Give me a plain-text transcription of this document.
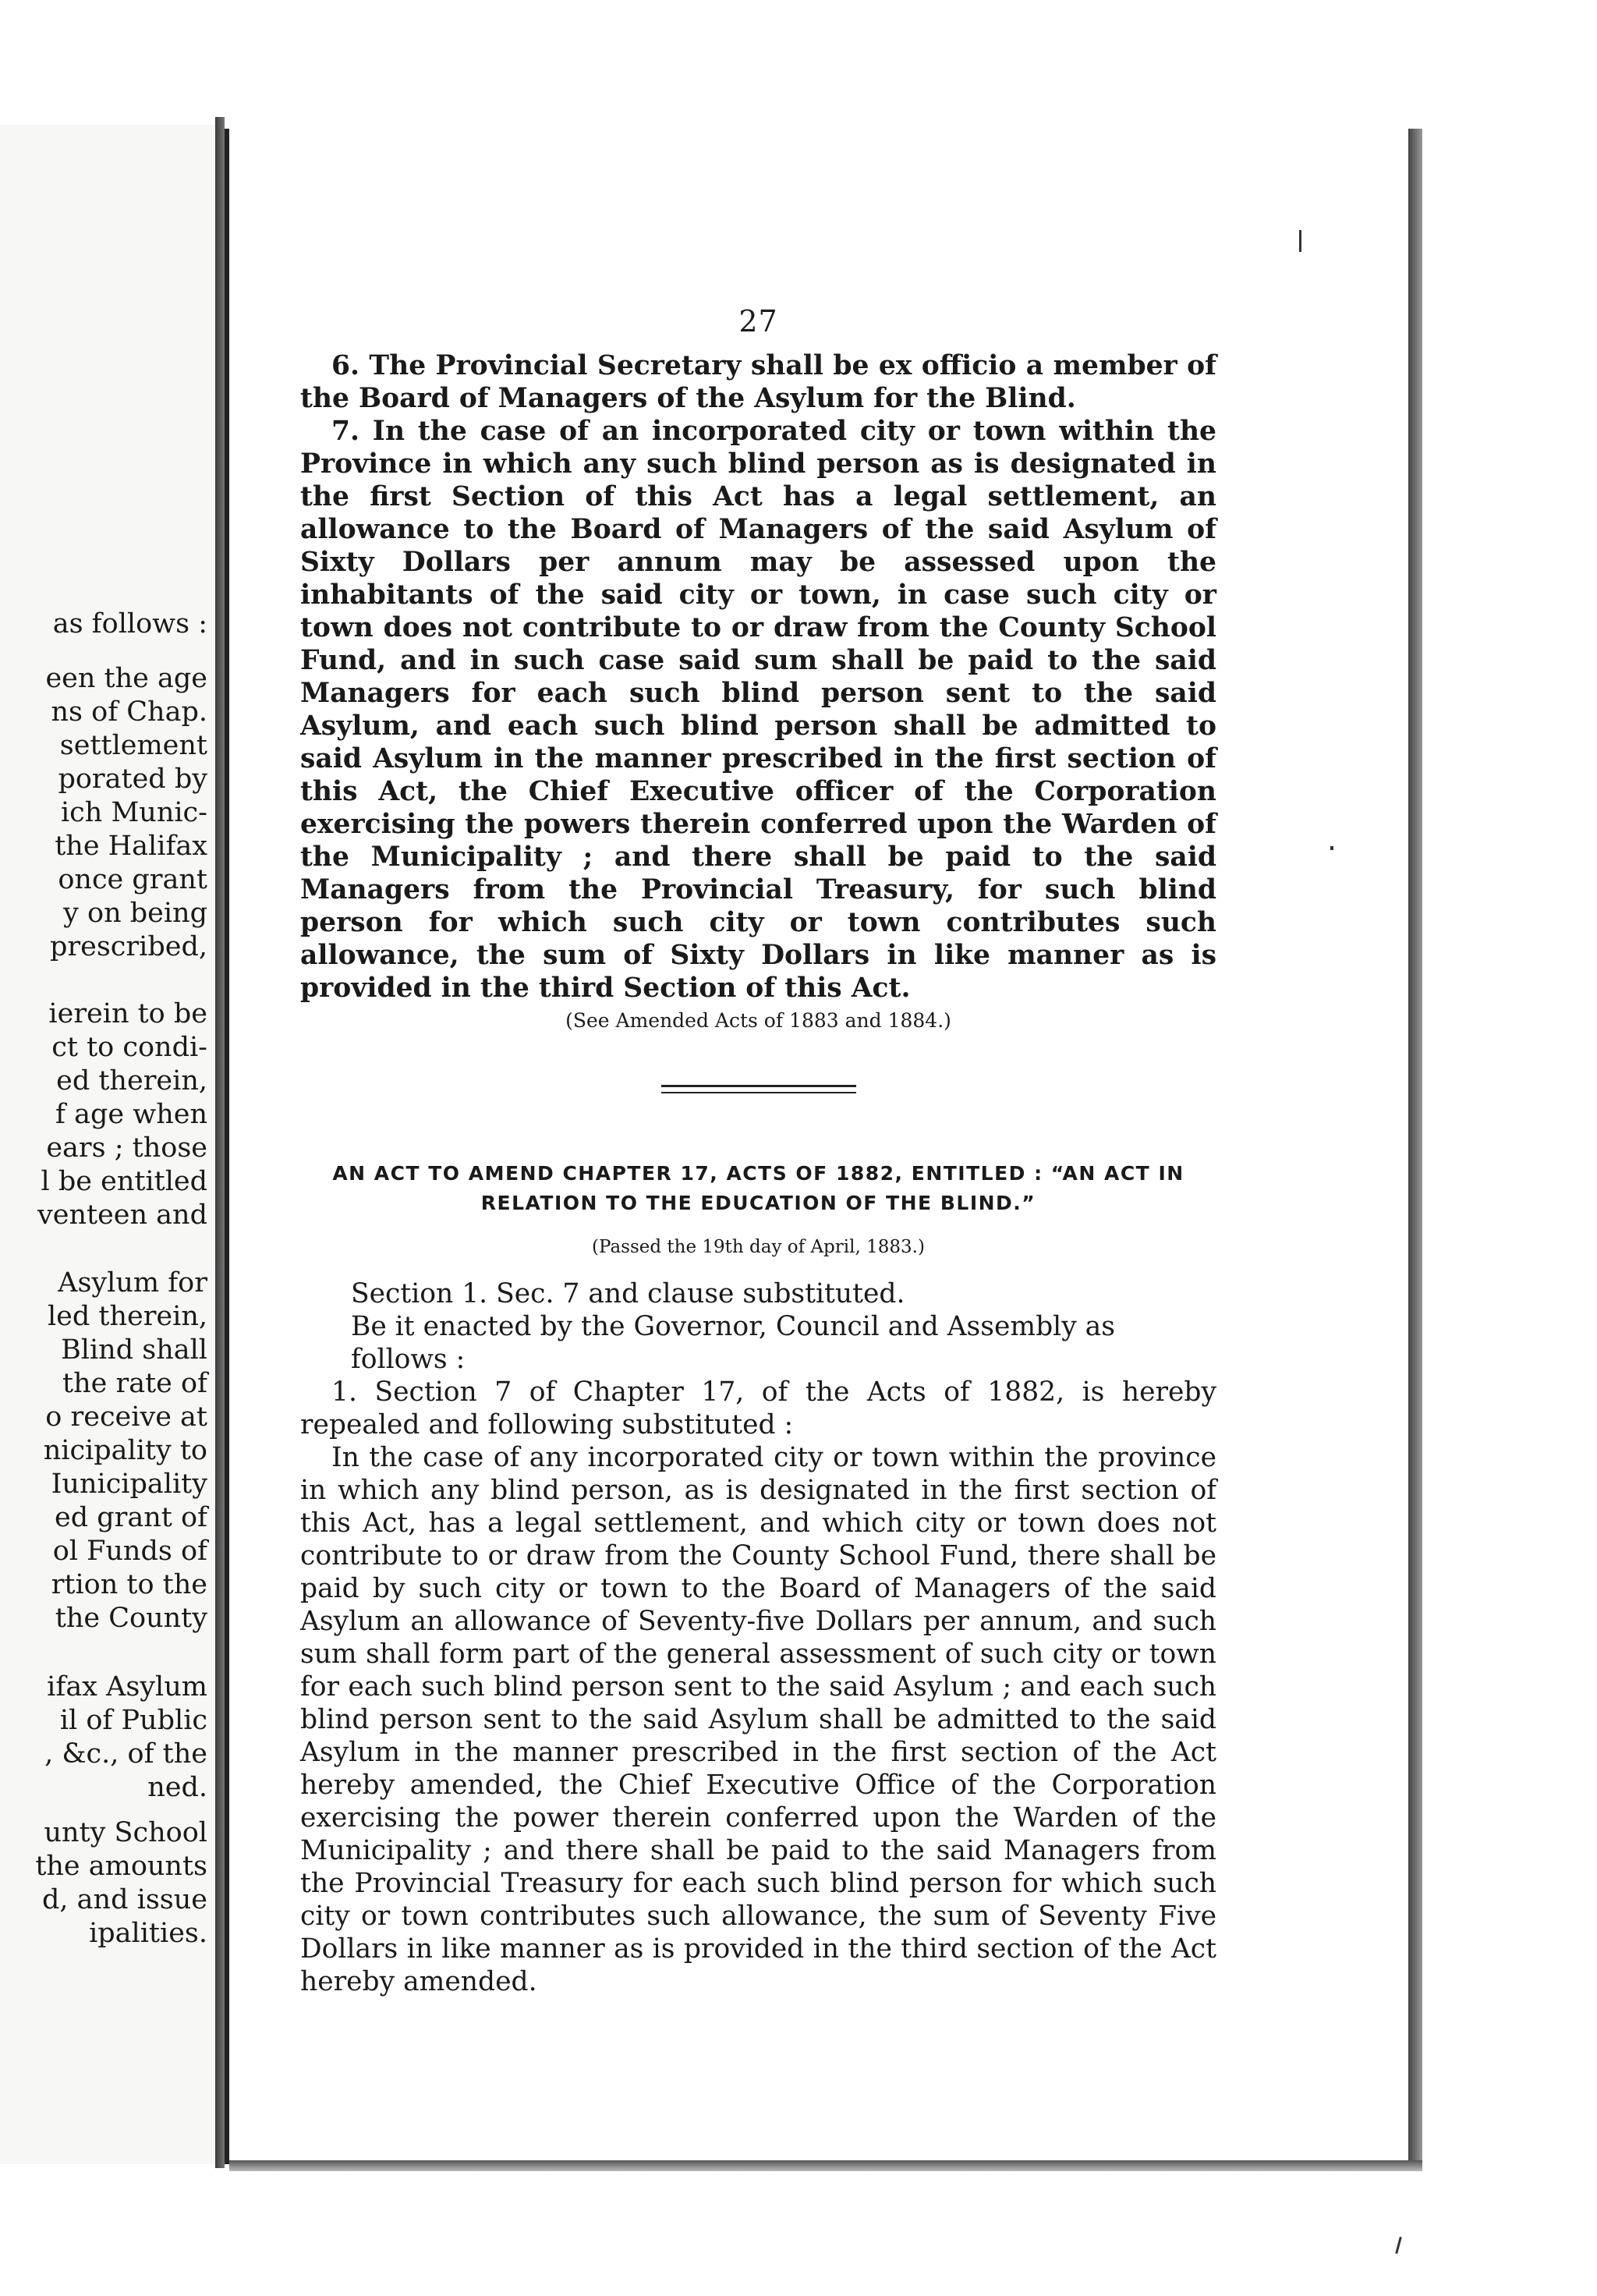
as follows :
een the age
ns of Chap.
settlement
porated by
ich Munic-
the Halifax
once grant
y on being
prescribed,
ierein to be
ct to condi-
ed therein,
f age when
ears ; those
l be entitled
venteen and
Asylum for
led therein,
Blind shall
the rate of
o receive at
nicipality to
Iunicipality
ed grant of
ol Funds of
rtion to the
the County
ifax Asylum
il of Public
, &c., of the
ned.
unty School
the amounts
d, and issue
ipalities.
27

6. The Provincial Secretary shall be ex officio a member of the Board of Managers of the Asylum for the Blind.

7. In the case of an incorporated city or town within the Province in which any such blind person as is designated in the first Section of this Act has a legal settlement, an allowance to the Board of Managers of the said Asylum of Sixty Dollars per annum may be assessed upon the inhabitants of the said city or town, in case such city or town does not contribute to or draw from the County School Fund, and in such case said sum shall be paid to the said Managers for each such blind person sent to the said Asylum, and each such blind person shall be admitted to said Asylum in the manner prescribed in the first section of this Act, the Chief Executive officer of the Corporation exercising the powers therein conferred upon the Warden of the Municipality ; and there shall be paid to the said Managers from the Provincial Treasury, for such blind person for which such city or town contributes such allowance, the sum of Sixty Dollars in like manner as is provided in the third Section of this Act.

(See Amended Acts of 1883 and 1884.)
AN ACT TO AMEND CHAPTER 17, ACTS OF 1882, ENTITLED : “AN ACT IN
RELATION TO THE EDUCATION OF THE BLIND.”
(Passed the 19th day of April, 1883.)

Section 1. Sec. 7 and clause substituted.

Be it enacted by the Governor, Council and Assembly as follows :

1. Section 7 of Chapter 17, of the Acts of 1882, is hereby repealed and following substituted :

In the case of any incorporated city or town within the province in which any blind person, as is designated in the first section of this Act, has a legal settlement, and which city or town does not contribute to or draw from the County School Fund, there shall be paid by such city or town to the Board of Managers of the said Asylum an allowance of Seventy-five Dollars per annum, and such sum shall form part of the general assessment of such city or town for each such blind person sent to the said Asylum ; and each such blind person sent to the said Asylum shall be admitted to the said Asylum in the manner prescribed in the first section of the Act hereby amended, the Chief Executive Office of the Corporation exercising the power therein conferred upon the Warden of the Municipality ; and there shall be paid to the said Managers from the Provincial Treasury for each such blind person for which such city or town contributes such allowance, the sum of Seventy Five Dollars in like manner as is provided in the third section of the Act hereby amended.
